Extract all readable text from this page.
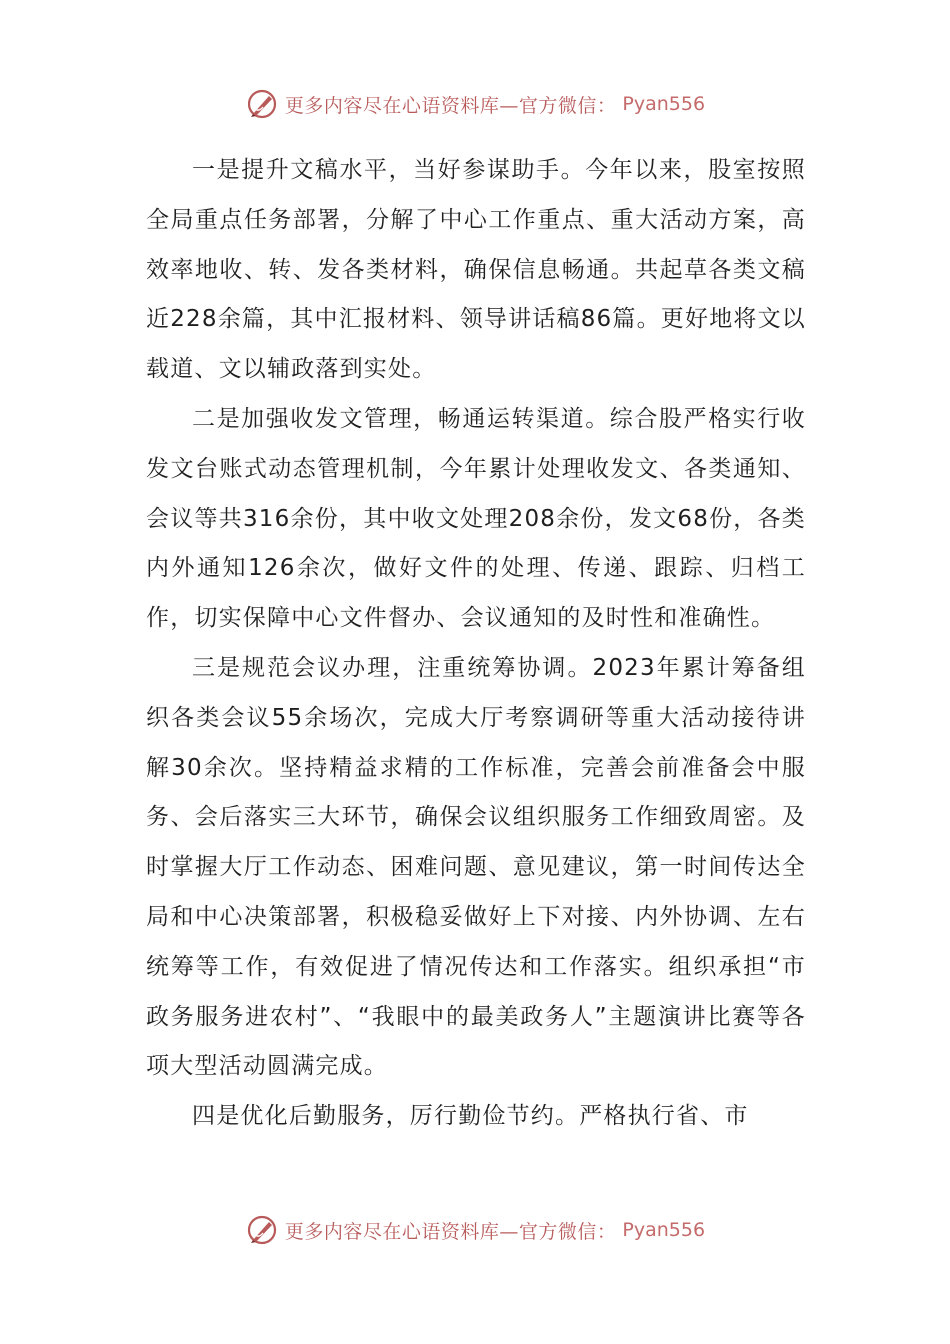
更多内容尽在心语资料库—官方微信： Pyan556

一是提升文稿水平，当好参谋助手。今年以来，股室按照全局重点任务部署，分解了中心工作重点、重大活动方案，高效率地收、转、发各类材料，确保信息畅通。共起草各类文稿近228余篇，其中汇报材料、领导讲话稿86篇。更好地将文以载道、文以辅政落到实处。

二是加强收发文管理，畅通运转渠道。综合股严格实行收发文台账式动态管理机制，今年累计处理收发文、各类通知、会议等共316余份，其中收文处理208余份，发文68份，各类内外通知126余次，做好文件的处理、传递、跟踪、归档工作，切实保障中心文件督办、会议通知的及时性和准确性。

三是规范会议办理，注重统筹协调。2023年累计筹备组织各类会议55余场次，完成大厅考察调研等重大活动接待讲解30余次。坚持精益求精的工作标准，完善会前准备会中服务、会后落实三大环节，确保会议组织服务工作细致周密。及时掌握大厅工作动态、困难问题、意见建议，第一时间传达全局和中心决策部署，积极稳妥做好上下对接、内外协调、左右统筹等工作，有效促进了情况传达和工作落实。组织承担“市政务服务进农村”、“我眼中的最美政务人”主题演讲比赛等各项大型活动圆满完成。

四是优化后勤服务，厉行勤俭节约。严格执行省、市

更多内容尽在心语资料库—官方微信： Pyan556
